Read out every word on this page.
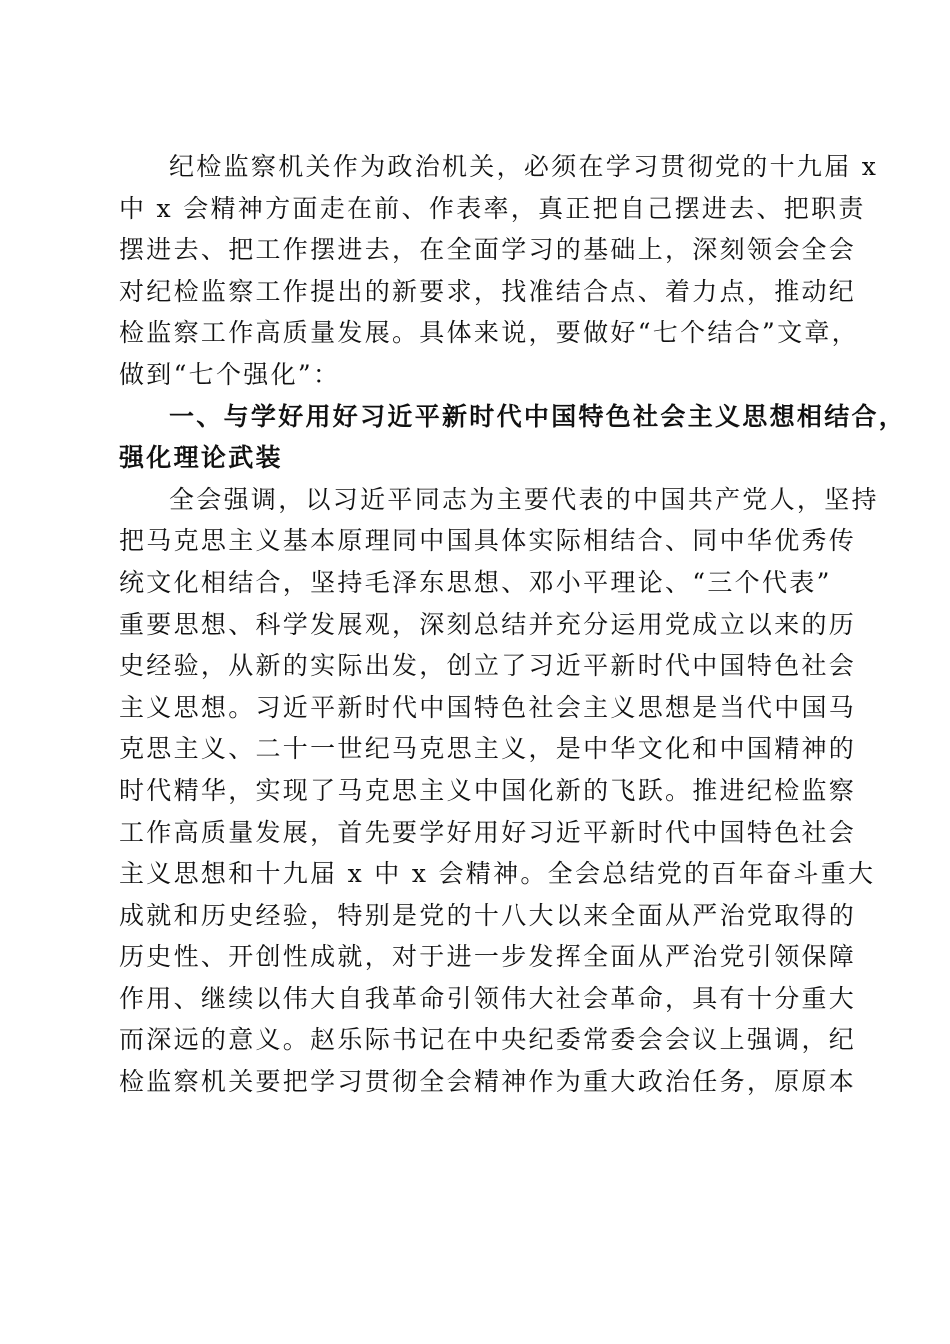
纪检监察机关作为政治机关，必须在学习贯彻党的十九届 x
中 x 会精神方面走在前、作表率，真正把自己摆进去、把职责
摆进去、把工作摆进去，在全面学习的基础上，深刻领会全会
对纪检监察工作提出的新要求，找准结合点、着力点，推动纪
检监察工作高质量发展。具体来说，要做好“七个结合”文章，
做到“七个强化”：

一、与学好用好习近平新时代中国特色社会主义思想相结合，
强化理论武装

全会强调，以习近平同志为主要代表的中国共产党人，坚持
把马克思主义基本原理同中国具体实际相结合、同中华优秀传
统文化相结合，坚持毛泽东思想、邓小平理论、“三个代表”
重要思想、科学发展观，深刻总结并充分运用党成立以来的历
史经验，从新的实际出发，创立了习近平新时代中国特色社会
主义思想。习近平新时代中国特色社会主义思想是当代中国马
克思主义、二十一世纪马克思主义，是中华文化和中国精神的
时代精华，实现了马克思主义中国化新的飞跃。推进纪检监察
工作高质量发展，首先要学好用好习近平新时代中国特色社会
主义思想和十九届 x 中 x 会精神。全会总结党的百年奋斗重大
成就和历史经验，特别是党的十八大以来全面从严治党取得的
历史性、开创性成就，对于进一步发挥全面从严治党引领保障
作用、继续以伟大自我革命引领伟大社会革命，具有十分重大
而深远的意义。赵乐际书记在中央纪委常委会会议上强调，纪
检监察机关要把学习贯彻全会精神作为重大政治任务，原原本
